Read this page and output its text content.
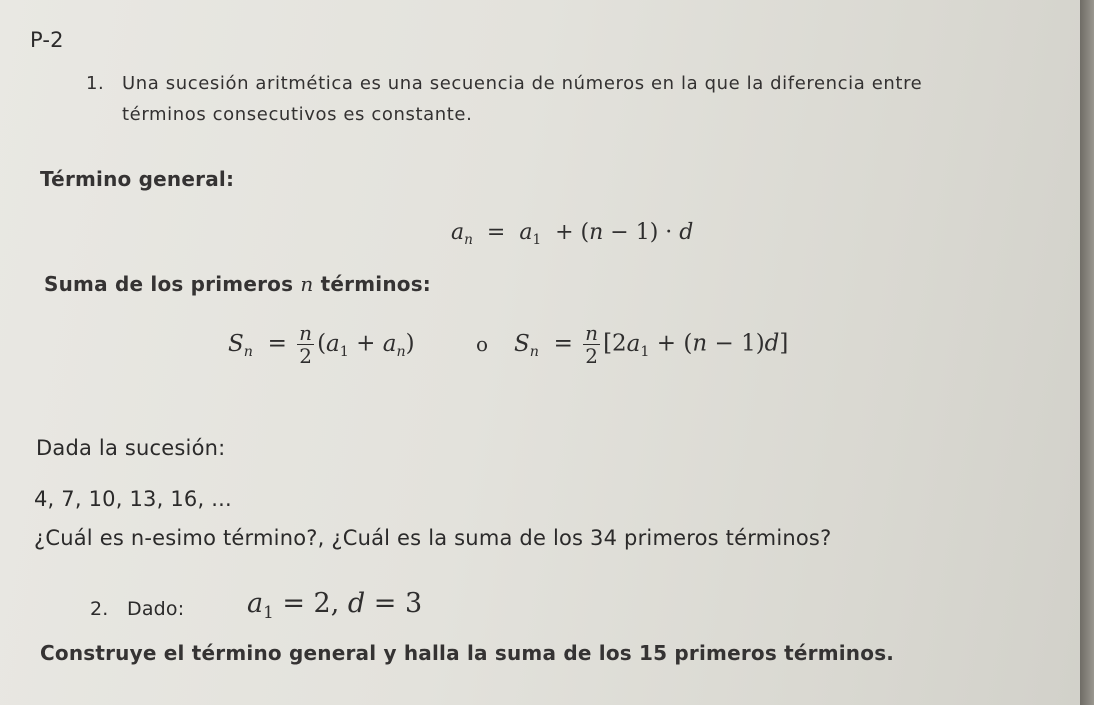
P-2
1. Una sucesión aritmética es una secuencia de números en la que la diferencia entre
términos consecutivos es constante.
Término general:
$a_n = a_1 + (n - 1) \cdot d$
Suma de los primeros n términos:
$S_n = \frac{n}{2} (a_1 + a_n)$	o $S_n = \frac{n}{2} [2a_1 + (n - 1)d]$
Dada la sucesión:
4, 7, 10, 13, 16, ...
¿Cuál es n-esimo término?, ¿Cuál es la suma de los 34 primeros términos?
2. Dado: $a_1 = 2$, d = 3
Construye el término general y halla la suma de los 15 primeros términos.
